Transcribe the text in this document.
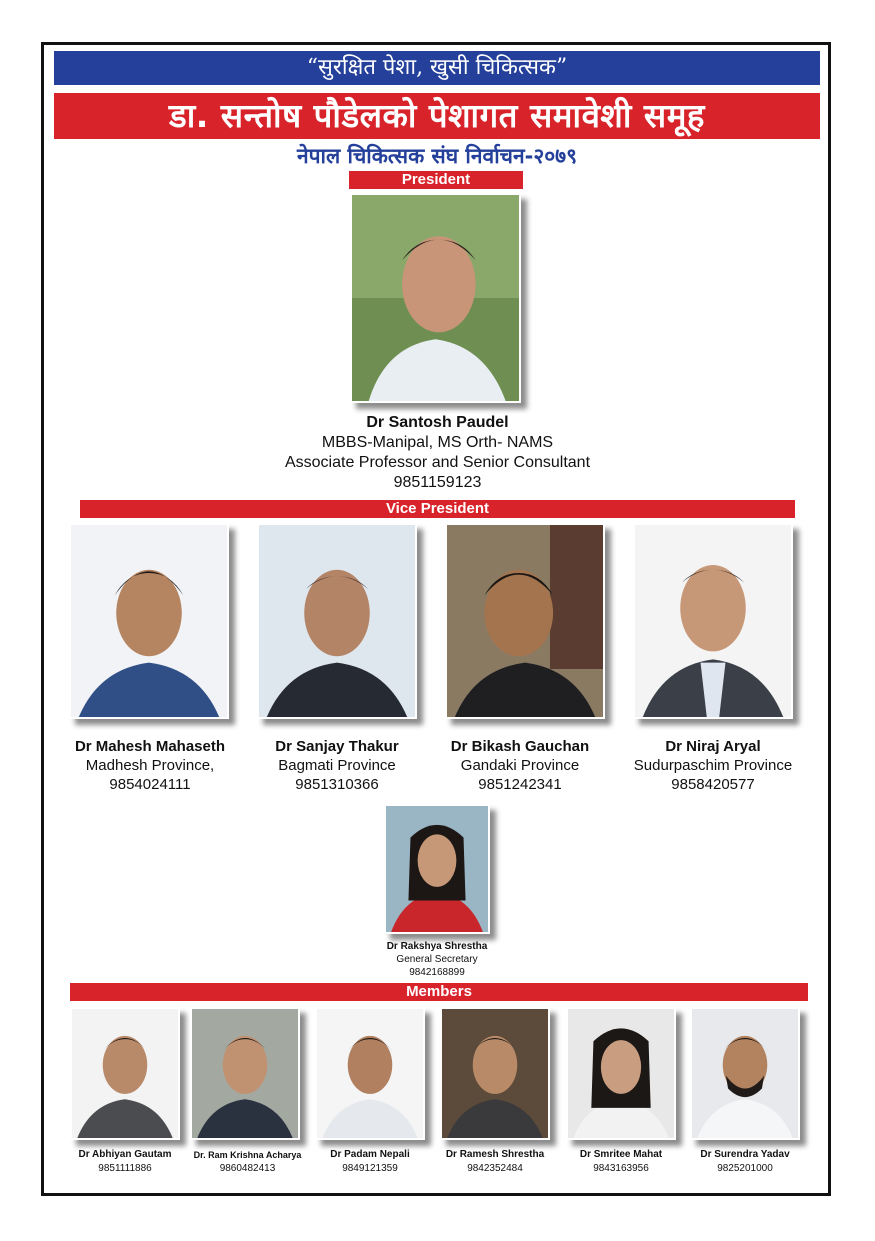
“सुरक्षित पेशा, खुसी चिकित्सक”
डा. सन्तोष पौडेलको पेशागत समावेशी समूह
नेपाल चिकित्सक संघ निर्वाचन-२०७९
President
Dr Santosh Paudel
MBBS-Manipal, MS Orth- NAMS
Associate Professor and Senior Consultant
9851159123
Vice President
Dr Mahesh Mahaseth
Madhesh Province,
9854024111
Dr Sanjay Thakur
Bagmati Province
9851310366
Dr Bikash Gauchan
Gandaki Province
9851242341
Dr Niraj Aryal
Sudurpaschim Province
9858420577
Dr Rakshya Shrestha
General Secretary
9842168899
Members
Dr Abhiyan Gautam
9851111886
Dr. Ram Krishna Acharya
9860482413
Dr Padam Nepali
9849121359
Dr Ramesh Shrestha
9842352484
Dr Smritee Mahat
9843163956
Dr Surendra Yadav
9825201000
